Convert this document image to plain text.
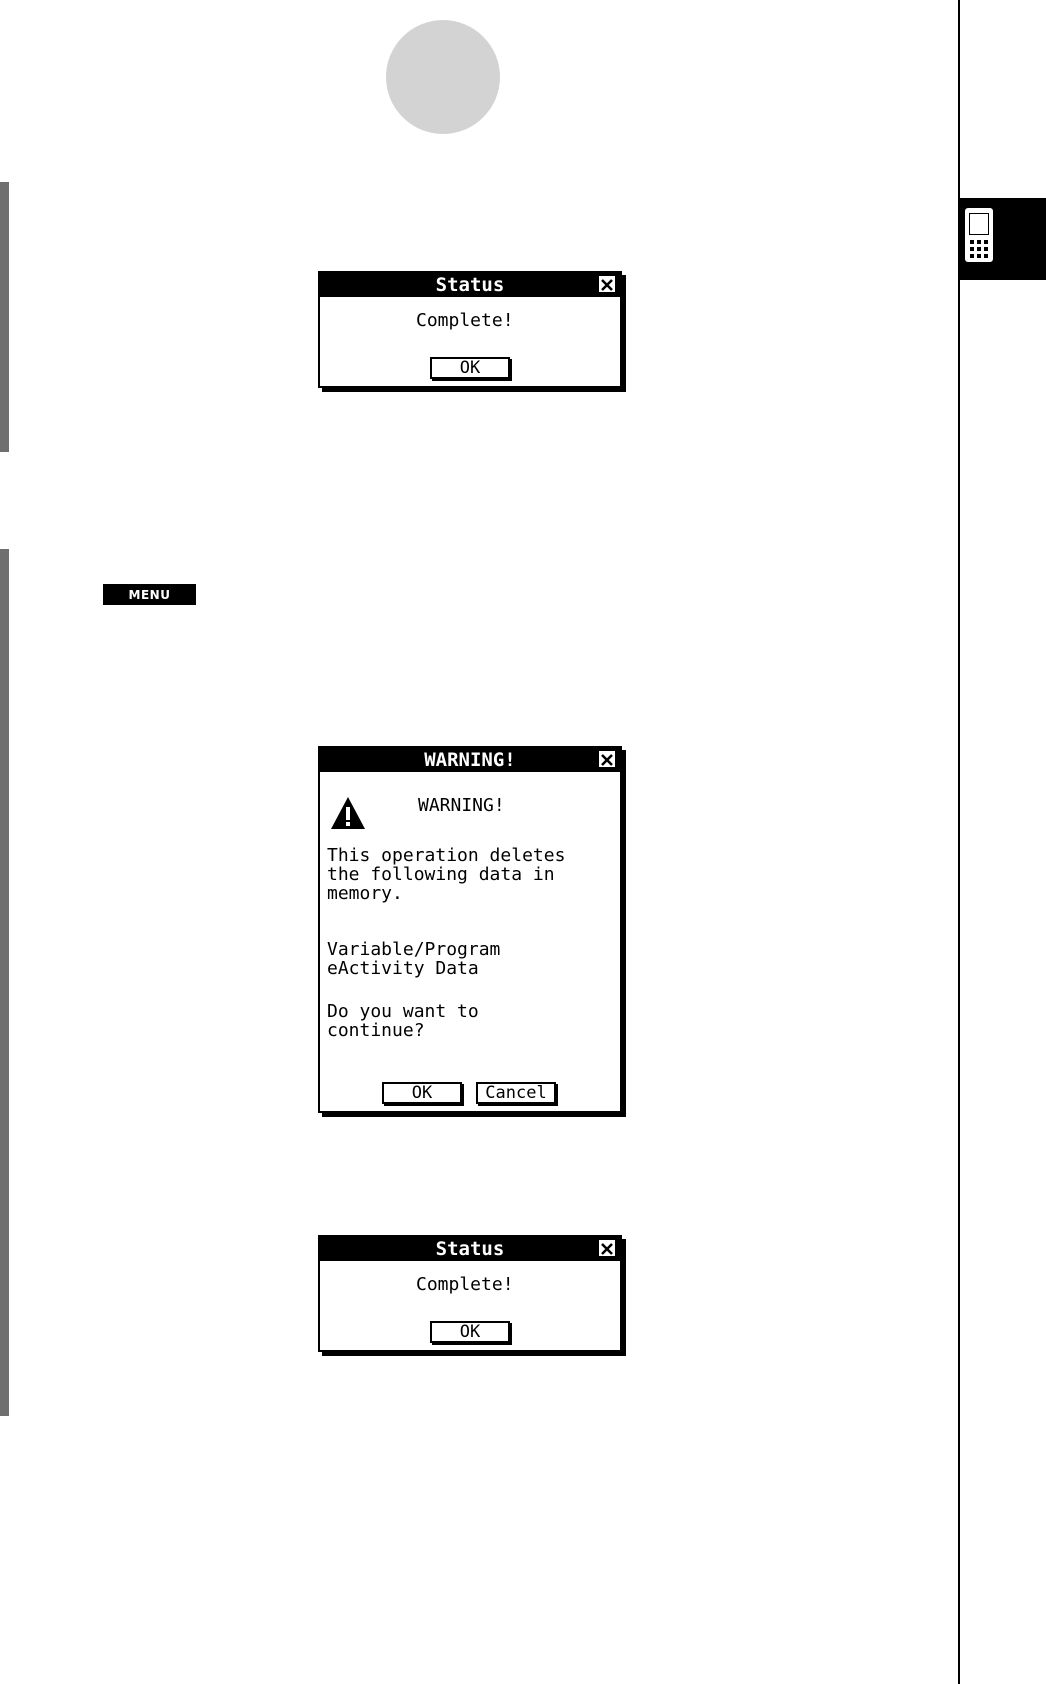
MENU
Status
Complete!
OK
WARNING!
WARNING!
This operation deletes
the following data in
memory.
Variable/Program
eActivity Data
Do you want to
continue?
OK	Cancel
Status
Complete!
OK
